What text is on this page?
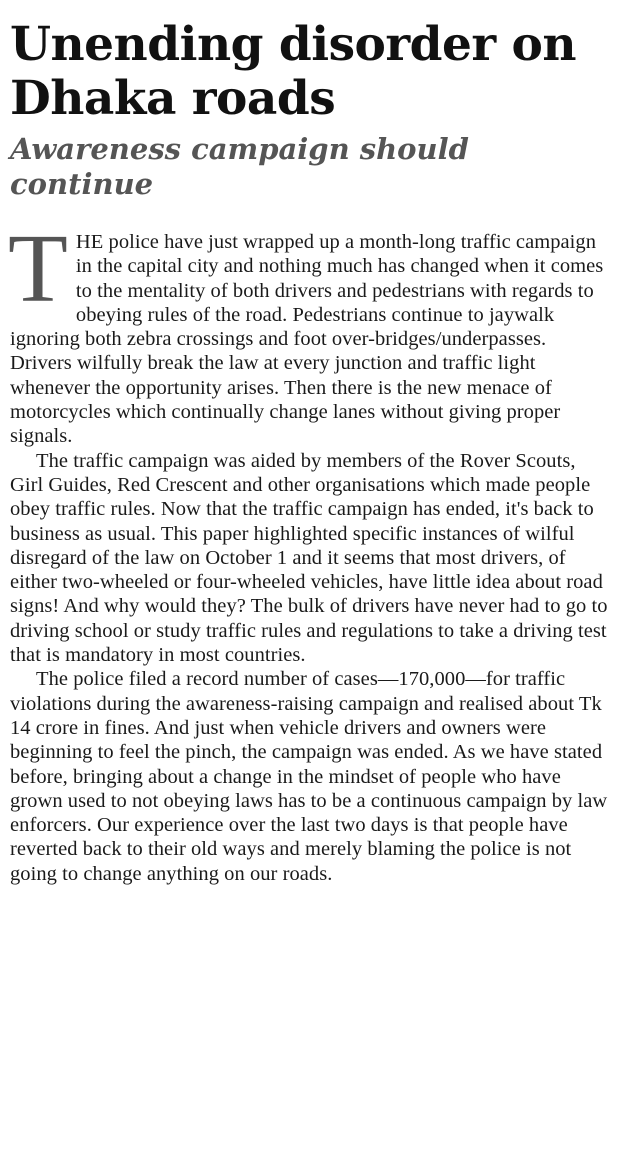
Unending disorder on Dhaka roads
Awareness campaign should continue

THE police have just wrapped up a month-long traffic campaign in the capital city and nothing much has changed when it comes to the mentality of both drivers and pedestrians with regards to obeying rules of the road. Pedestrians continue to jaywalk ignoring both zebra crossings and foot over-bridges/underpasses. Drivers wilfully break the law at every junction and traffic light whenever the opportunity arises. Then there is the new menace of motorcycles which continually change lanes without giving proper signals.

The traffic campaign was aided by members of the Rover Scouts, Girl Guides, Red Crescent and other organisations which made people obey traffic rules. Now that the traffic campaign has ended, it's back to business as usual. This paper highlighted specific instances of wilful disregard of the law on October 1 and it seems that most drivers, of either two-wheeled or four-wheeled vehicles, have little idea about road signs! And why would they? The bulk of drivers have never had to go to driving school or study traffic rules and regulations to take a driving test that is mandatory in most countries.

The police filed a record number of cases—170,000—for traffic violations during the awareness-raising campaign and realised about Tk 14 crore in fines. And just when vehicle drivers and owners were beginning to feel the pinch, the campaign was ended. As we have stated before, bringing about a change in the mindset of people who have grown used to not obeying laws has to be a continuous campaign by law enforcers. Our experience over the last two days is that people have reverted back to their old ways and merely blaming the police is not going to change anything on our roads.
